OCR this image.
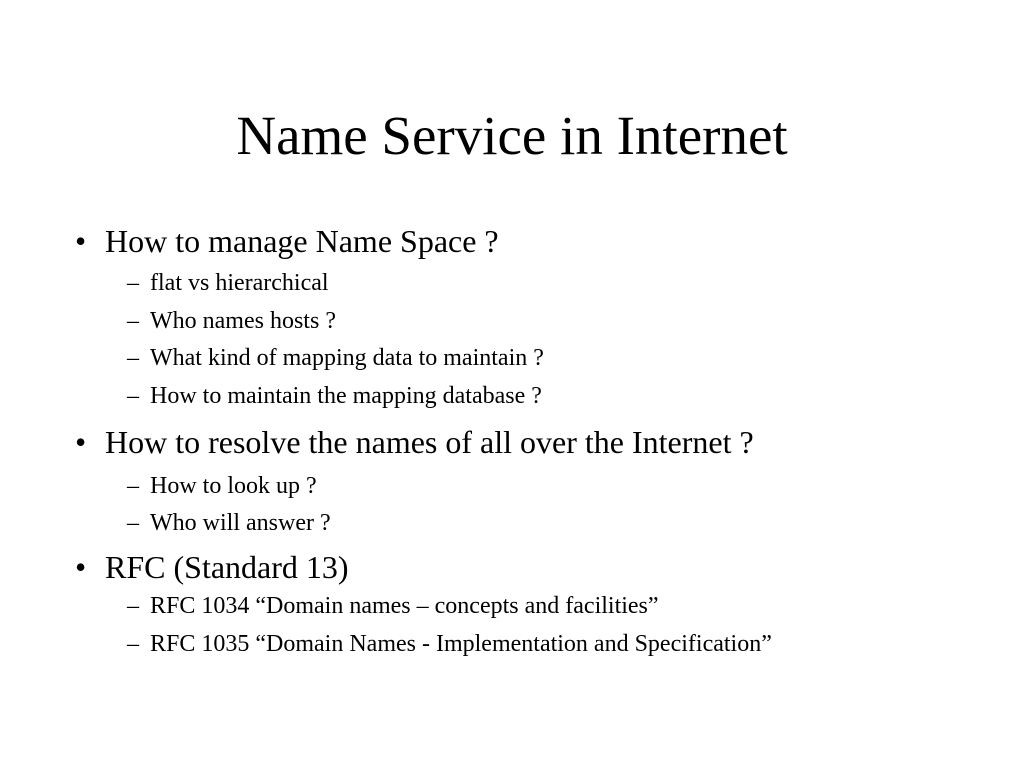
Name Service in Internet
• How to manage Name Space ?
– flat vs hierarchical
– Who names hosts ?
– What kind of mapping data to maintain ?
– How to maintain the mapping database ?
• How to resolve the names of all over the Internet ?
– How to look up ?
– Who will answer ?
• RFC (Standard 13)
– RFC 1034 “Domain names – concepts and facilities”
– RFC 1035 “Domain Names - Implementation and Specification”
